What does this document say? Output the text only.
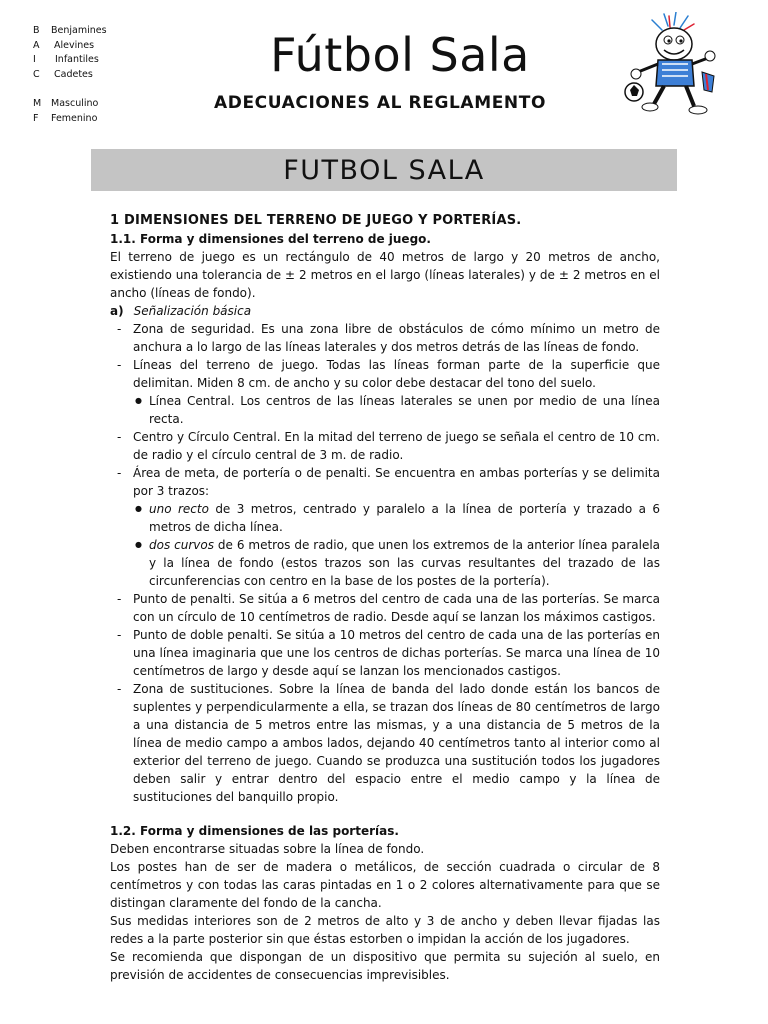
B	Benjamines
A	Alevines
I	Infantiles
C	Cadetes
M	Masculino
F	Femenino
Fútbol Sala
ADECUACIONES AL REGLAMENTO
FUTBOL SALA
1 DIMENSIONES DEL TERRENO DE JUEGO Y PORTERÍAS.
1.1. Forma y dimensiones del terreno de juego.
El terreno de juego es un rectángulo de 40 metros de largo y 20 metros de ancho, existiendo una tolerancia de ± 2 metros en el largo (líneas laterales) y de ± 2 metros en el ancho (líneas de fondo).
a) Señalización básica
- Zona de seguridad. Es una zona libre de obstáculos de cómo mínimo un metro de anchura a lo largo de las líneas laterales y dos metros detrás de las líneas de fondo.
- Líneas del terreno de juego. Todas las líneas forman parte de la superficie que delimitan. Miden 8 cm. de ancho y su color debe destacar del tono del suelo.
● Línea Central. Los centros de las líneas laterales se unen por medio de una línea recta.
- Centro y Círculo Central. En la mitad del terreno de juego se señala el centro de 10 cm. de radio y el círculo central de 3 m. de radio.
- Área de meta, de portería o de penalti. Se encuentra en ambas porterías y se delimita por 3 trazos:
● uno recto de 3 metros, centrado y paralelo a la línea de portería y trazado a 6 metros de dicha línea.
● dos curvos de 6 metros de radio, que unen los extremos de la anterior línea paralela y la línea de fondo (estos trazos son las curvas resultantes del trazado de las circunferencias con centro en la base de los postes de la portería).
- Punto de penalti. Se sitúa a 6 metros del centro de cada una de las porterías. Se marca con un círculo de 10 centímetros de radio. Desde aquí se lanzan los máximos castigos.
- Punto de doble penalti. Se sitúa a 10 metros del centro de cada una de las porterías en una línea imaginaria que une los centros de dichas porterías. Se marca una línea de 10 centímetros de largo y desde aquí se lanzan los mencionados castigos.
- Zona de sustituciones. Sobre la línea de banda del lado donde están los bancos de suplentes y perpendicularmente a ella, se trazan dos líneas de 80 centímetros de largo a una distancia de 5 metros entre las mismas, y a una distancia de 5 metros de la línea de medio campo a ambos lados, dejando 40 centímetros tanto al interior como al exterior del terreno de juego. Cuando se produzca una sustitución todos los jugadores deben salir y entrar dentro del espacio entre el medio campo y la línea de sustituciones del banquillo propio.
1.2. Forma y dimensiones de las porterías.
Deben encontrarse situadas sobre la línea de fondo.
Los postes han de ser de madera o metálicos, de sección cuadrada o circular de 8 centímetros y con todas las caras pintadas en 1 o 2 colores alternativamente para que se distingan claramente del fondo de la cancha.
Sus medidas interiores son de 2 metros de alto y 3 de ancho y deben llevar fijadas las redes a la parte posterior sin que éstas estorben o impidan la acción de los jugadores.
Se recomienda que dispongan de un dispositivo que permita su sujeción al suelo, en previsión de accidentes de consecuencias imprevisibles.
